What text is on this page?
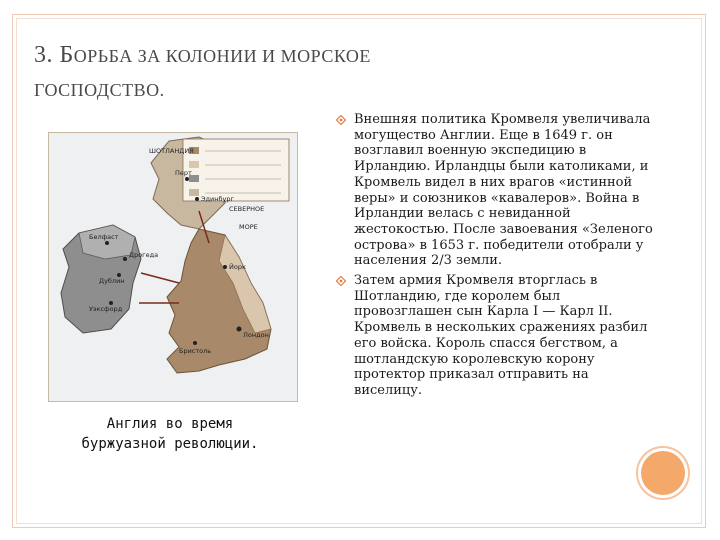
3. БОРЬБА ЗА КОЛОНИИ И МОРСКОЕ
ГОСПОДСТВО.
ШОТЛАНДИЯ
СЕВЕРНОЕ
МОРЕ
Перт
Эдинбург
Белфаст
Дублин
Йорк
Лондон
Бристоль
Уэксфорд
Дрогеда
Англия во время
буржуазной революции.
Внешняя политика Кромвеля увеличивала могущество Англии. Еще в 1649 г. он возглавил военную экспедицию в Ирландию. Ирландцы были католиками, и Кромвель видел в них врагов «истинной веры» и союзников «кавалеров». Война в Ирландии велась с невиданной жестокостью. После завоевания «Зеленого острова» в 1653 г. победители отобрали у населения 2/3 земли.
Затем армия Кромвеля вторглась в Шотландию, где королем был провозглашен сын Карла I — Карл II. Кромвель в нескольких сражениях разбил его войска. Король спасся бегством, а шотландскую королевскую корону протектор приказал отправить на виселицу.
